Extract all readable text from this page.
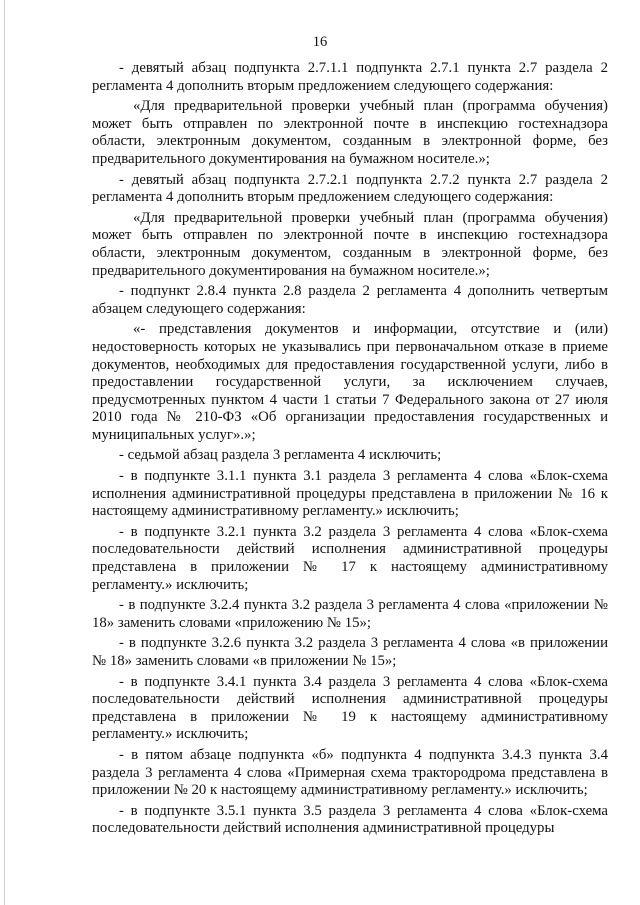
16

- девятый абзац подпункта 2.7.1.1 подпункта 2.7.1 пункта 2.7 раздела 2 регламента 4 дополнить вторым предложением следующего содержания:

«Для предварительной проверки учебный план (программа обучения) может быть отправлен по электронной почте в инспекцию гостехнадзора области, электронным документом, созданным в электронной форме, без предварительного документирования на бумажном носителе.»;

- девятый абзац подпункта 2.7.2.1 подпункта 2.7.2 пункта 2.7 раздела 2 регламента 4 дополнить вторым предложением следующего содержания:

«Для предварительной проверки учебный план (программа обучения) может быть отправлен по электронной почте в инспекцию гостехнадзора области, электронным документом, созданным в электронной форме, без предварительного документирования на бумажном носителе.»;

- подпункт 2.8.4 пункта 2.8 раздела 2 регламента 4 дополнить четвертым абзацем следующего содержания:

«- представления документов и информации, отсутствие и (или) недостоверность которых не указывались при первоначальном отказе в приеме документов, необходимых для предоставления государственной услуги, либо в предоставлении государственной услуги, за исключением случаев, предусмотренных пунктом 4 части 1 статьи 7 Федерального закона от 27 июля 2010 года № 210-ФЗ «Об организации предоставления государственных и муниципальных услуг».»;

- седьмой абзац раздела 3 регламента 4 исключить;

- в подпункте 3.1.1 пункта 3.1 раздела 3 регламента 4 слова «Блок-схема исполнения административной процедуры представлена в приложении № 16 к настоящему административному регламенту.» исключить;

- в подпункте 3.2.1 пункта 3.2 раздела 3 регламента 4 слова «Блок-схема последовательности действий исполнения административной процедуры представлена в приложении № 17 к настоящему административному регламенту.» исключить;

- в подпункте 3.2.4 пункта 3.2 раздела 3 регламента 4 слова «приложении № 18» заменить словами «приложению № 15»;

- в подпункте 3.2.6 пункта 3.2 раздела 3 регламента 4 слова «в приложении № 18» заменить словами «в приложении № 15»;

- в подпункте 3.4.1 пункта 3.4 раздела 3 регламента 4 слова «Блок-схема последовательности действий исполнения административной процедуры представлена в приложении № 19 к настоящему административному регламенту.» исключить;

- в пятом абзаце подпункта «б» подпункта 4 подпункта 3.4.3 пункта 3.4 раздела 3 регламента 4 слова «Примерная схема трактородрома представлена в приложении № 20 к настоящему административному регламенту.» исключить;

- в подпункте 3.5.1 пункта 3.5 раздела 3 регламента 4 слова «Блок-схема последовательности действий исполнения административной процедуры
